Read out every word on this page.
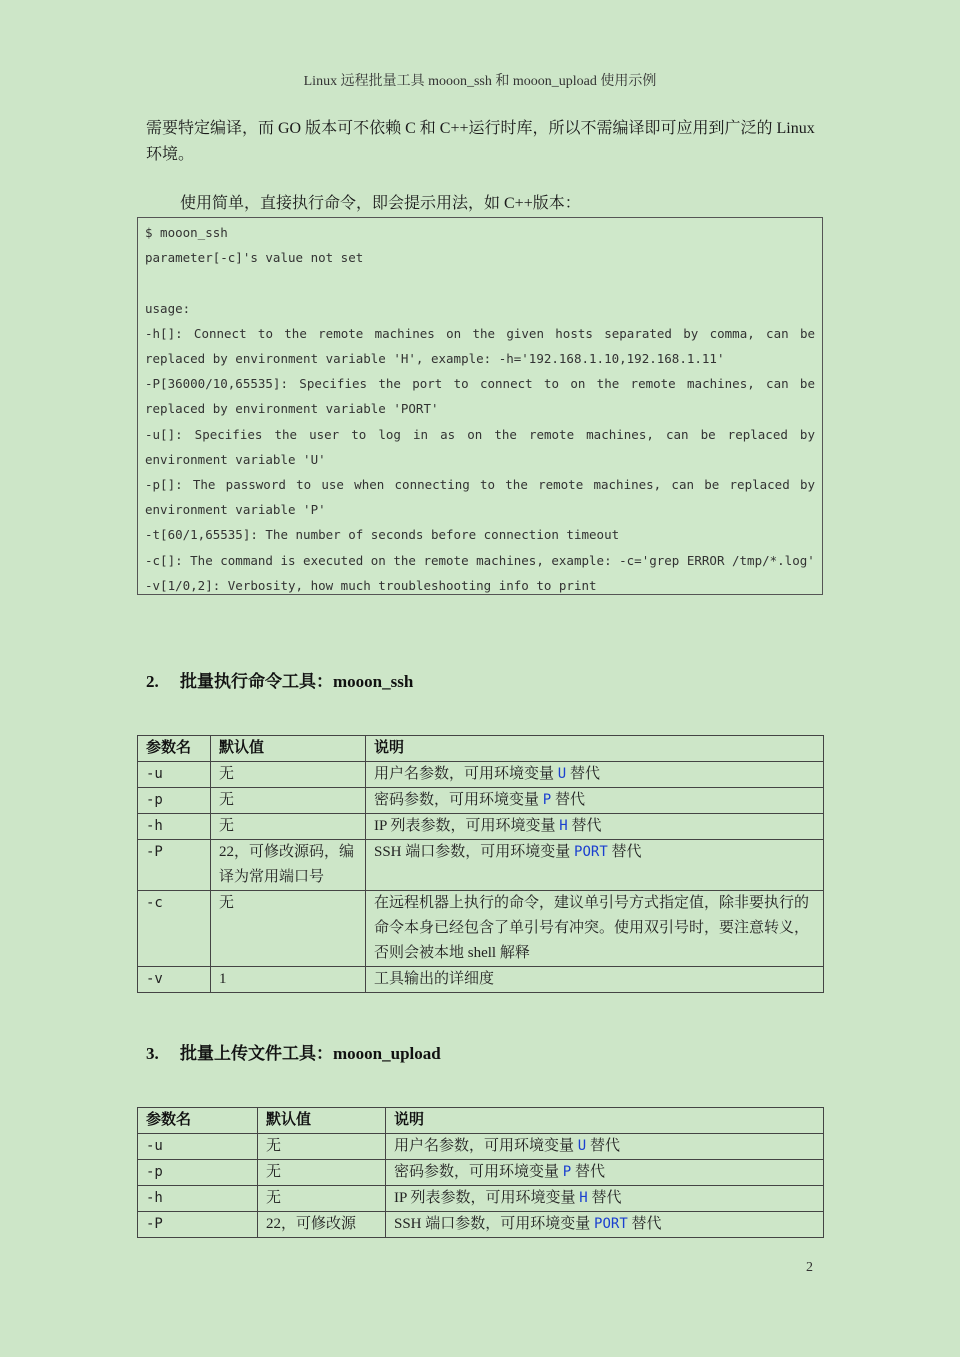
Linux 远程批量工具 mooon_ssh 和 mooon_upload 使用示例
需要特定编译，而 GO 版本可不依赖 C 和 C++运行时库，所以不需编译即可应用到广泛的 Linux 环境。
使用简单，直接执行命令，即会提示用法，如 C++版本：
$ mooon_ssh
parameter[-c]'s value not set
usage:
-h[]: Connect to the remote machines on the given hosts separated by comma, can be replaced by environment variable 'H', example: -h='192.168.1.10,192.168.1.11'
-P[36000/10,65535]: Specifies the port to connect to on the remote machines, can be replaced by environment variable 'PORT'
-u[]: Specifies the user to log in as on the remote machines, can be replaced by environment variable 'U'
-p[]: The password to use when connecting to the remote machines, can be replaced by environment variable 'P'
-t[60/1,65535]: The number of seconds before connection timeout
-c[]: The command is executed on the remote machines, example: -c='grep ERROR /tmp/*.log'
-v[1/0,2]: Verbosity, how much troubleshooting info to print
2. 批量执行命令工具：mooon_ssh
参数名	默认值	说明
-u	无	用户名参数，可用环境变量 U 替代
-p	无	密码参数，可用环境变量 P 替代
-h	无	IP 列表参数，可用环境变量 H 替代
-P	22，可修改源码，编译为常用端口号	SSH 端口参数，可用环境变量 PORT 替代
-c	无	在远程机器上执行的命令，建议单引号方式指定值，除非要执行的命令本身已经包含了单引号有冲突。使用双引号时，要注意转义，否则会被本地 shell 解释
-v	1	工具输出的详细度
3. 批量上传文件工具：mooon_upload
参数名	默认值	说明
-u	无	用户名参数，可用环境变量 U 替代
-p	无	密码参数，可用环境变量 P 替代
-h	无	IP 列表参数，可用环境变量 H 替代
-P	22，可修改源	SSH 端口参数，可用环境变量 PORT 替代
2
